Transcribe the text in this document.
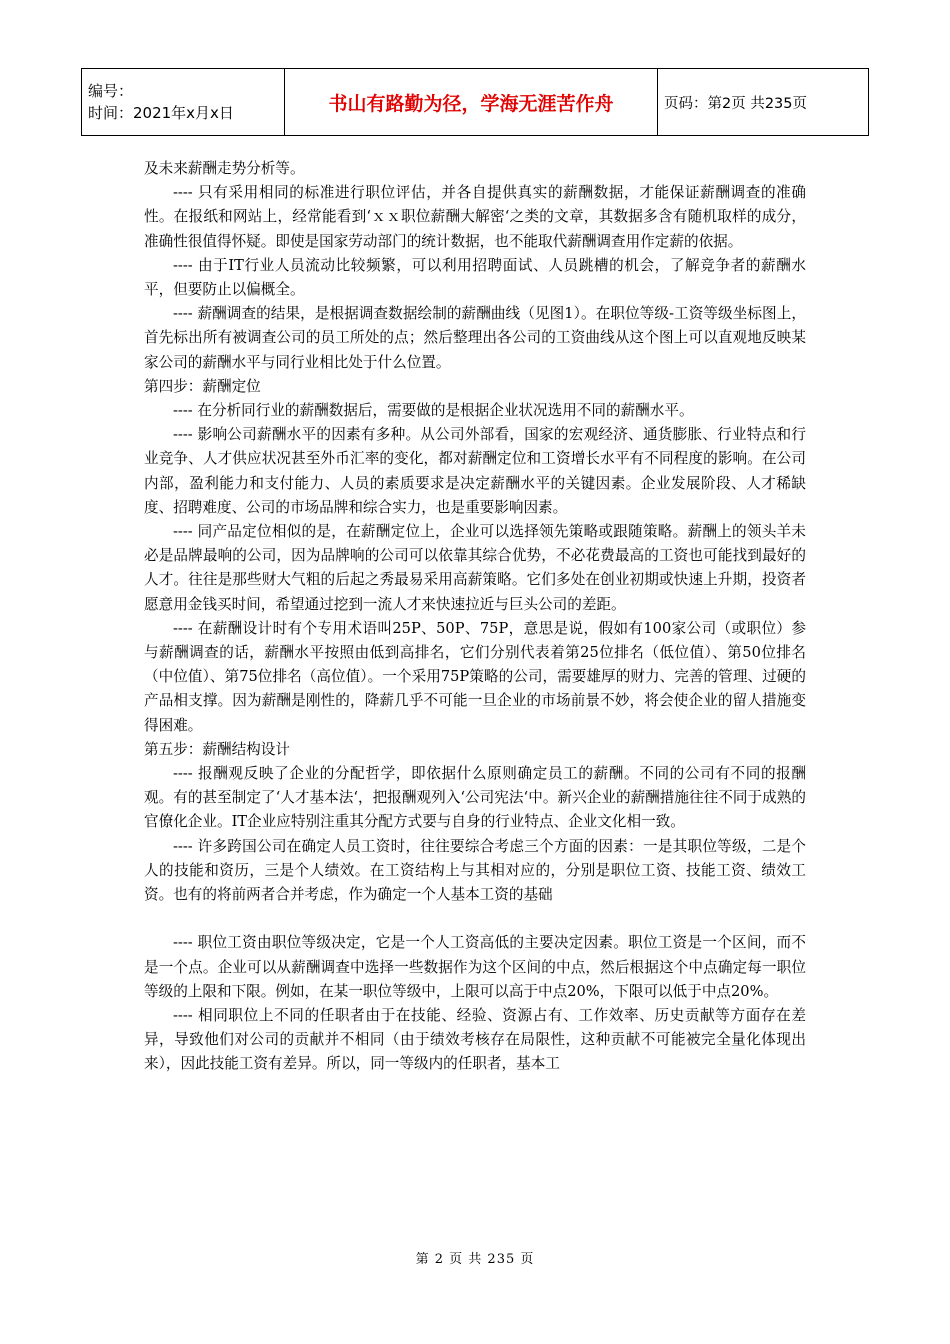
编号：
时间：2021年x月x日	书山有路勤为径，学海无涯苦作舟	页码：第2页 共235页

及未来薪酬走势分析等。

---- 只有采用相同的标准进行职位评估，并各自提供真实的薪酬数据，才能保证薪酬调查的准确性。在报纸和网站上，经常能看到‘ｘｘ职位薪酬大解密‘之类的文章，其数据多含有随机取样的成分，准确性很值得怀疑。即使是国家劳动部门的统计数据，也不能取代薪酬调查用作定薪的依据。

---- 由于IT行业人员流动比较频繁，可以利用招聘面试、人员跳槽的机会，了解竞争者的薪酬水平，但要防止以偏概全。

---- 薪酬调查的结果，是根据调查数据绘制的薪酬曲线（见图1）。在职位等级-工资等级坐标图上，首先标出所有被调查公司的员工所处的点；然后整理出各公司的工资曲线从这个图上可以直观地反映某家公司的薪酬水平与同行业相比处于什么位置。

第四步：薪酬定位

---- 在分析同行业的薪酬数据后，需要做的是根据企业状况选用不同的薪酬水平。

---- 影响公司薪酬水平的因素有多种。从公司外部看，国家的宏观经济、通货膨胀、行业特点和行业竞争、人才供应状况甚至外币汇率的变化，都对薪酬定位和工资增长水平有不同程度的影响。在公司内部，盈利能力和支付能力、人员的素质要求是决定薪酬水平的关键因素。企业发展阶段、人才稀缺度、招聘难度、公司的市场品牌和综合实力，也是重要影响因素。

---- 同产品定位相似的是，在薪酬定位上，企业可以选择领先策略或跟随策略。薪酬上的领头羊未必是品牌最响的公司，因为品牌响的公司可以依靠其综合优势，不必花费最高的工资也可能找到最好的人才。往往是那些财大气粗的后起之秀最易采用高薪策略。它们多处在创业初期或快速上升期，投资者愿意用金钱买时间，希望通过挖到一流人才来快速拉近与巨头公司的差距。

---- 在薪酬设计时有个专用术语叫25P、50P、75P，意思是说，假如有100家公司（或职位）参与薪酬调查的话，薪酬水平按照由低到高排名，它们分别代表着第25位排名（低位值）、第50位排名（中位值）、第75位排名（高位值）。一个采用75P策略的公司，需要雄厚的财力、完善的管理、过硬的产品相支撑。因为薪酬是刚性的，降薪几乎不可能一旦企业的市场前景不妙，将会使企业的留人措施变得困难。

第五步：薪酬结构设计

---- 报酬观反映了企业的分配哲学，即依据什么原则确定员工的薪酬。不同的公司有不同的报酬观。有的甚至制定了‘人才基本法‘，把报酬观列入‘公司宪法‘中。新兴企业的薪酬措施往往不同于成熟的官僚化企业。IT企业应特别注重其分配方式要与自身的行业特点、企业文化相一致。

---- 许多跨国公司在确定人员工资时，往往要综合考虑三个方面的因素：一是其职位等级，二是个人的技能和资历，三是个人绩效。在工资结构上与其相对应的，分别是职位工资、技能工资、绩效工资。也有的将前两者合并考虑，作为确定一个人基本工资的基础

---- 职位工资由职位等级决定，它是一个人工资高低的主要决定因素。职位工资是一个区间，而不是一个点。企业可以从薪酬调查中选择一些数据作为这个区间的中点，然后根据这个中点确定每一职位等级的上限和下限。例如，在某一职位等级中，上限可以高于中点20%，下限可以低于中点20%。

---- 相同职位上不同的任职者由于在技能、经验、资源占有、工作效率、历史贡献等方面存在差异，导致他们对公司的贡献并不相同（由于绩效考核存在局限性，这种贡献不可能被完全量化体现出来），因此技能工资有差异。所以，同一等级内的任职者，基本工

第 2 页 共 235 页
